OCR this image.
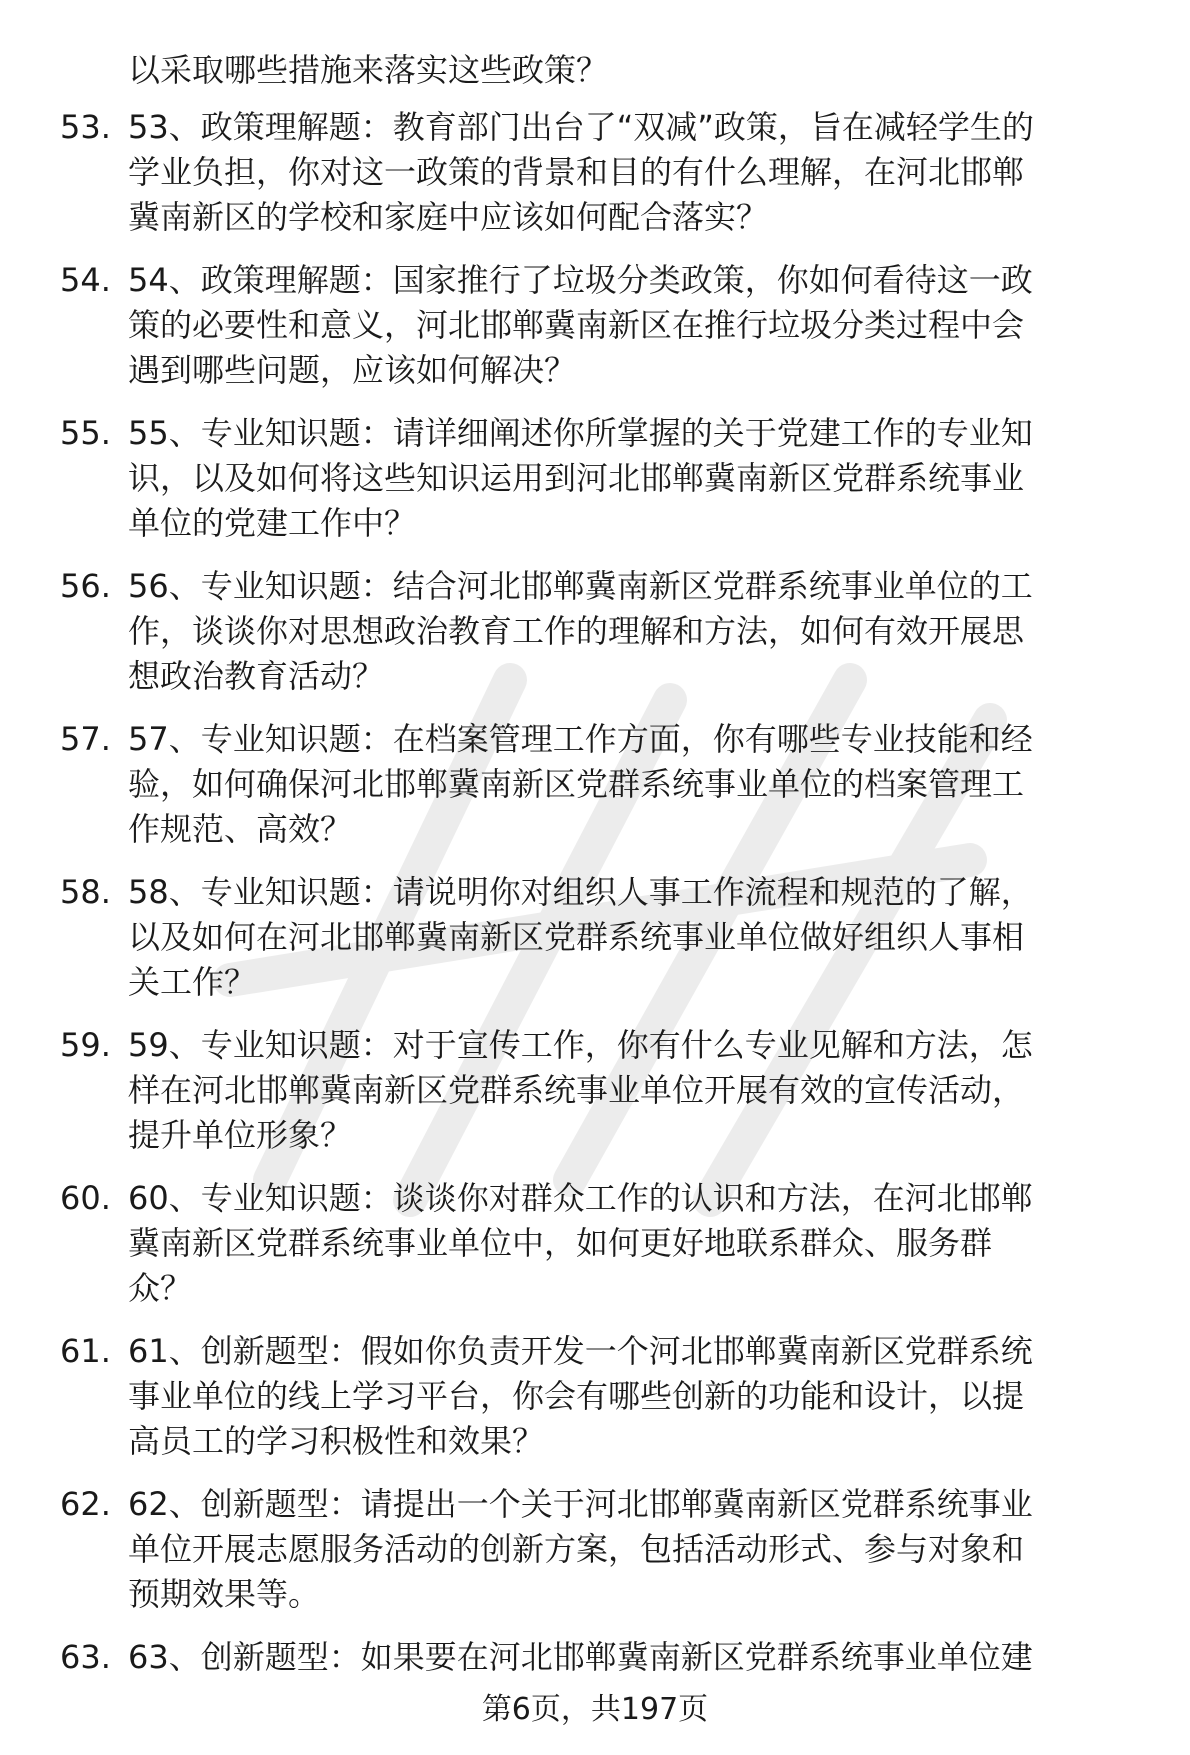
以采取哪些措施来落实这些政策？
53. 53、政策理解题：教育部门出台了“双减”政策，旨在减轻学生的
学业负担，你对这一政策的背景和目的有什么理解，在河北邯郸
冀南新区的学校和家庭中应该如何配合落实？
54. 54、政策理解题：国家推行了垃圾分类政策，你如何看待这一政
策的必要性和意义，河北邯郸冀南新区在推行垃圾分类过程中会
遇到哪些问题，应该如何解决？
55. 55、专业知识题：请详细阐述你所掌握的关于党建工作的专业知
识，以及如何将这些知识运用到河北邯郸冀南新区党群系统事业
单位的党建工作中？
56. 56、专业知识题：结合河北邯郸冀南新区党群系统事业单位的工
作，谈谈你对思想政治教育工作的理解和方法，如何有效开展思
想政治教育活动？
57. 57、专业知识题：在档案管理工作方面，你有哪些专业技能和经
验，如何确保河北邯郸冀南新区党群系统事业单位的档案管理工
作规范、高效？
58. 58、专业知识题：请说明你对组织人事工作流程和规范的了解，
以及如何在河北邯郸冀南新区党群系统事业单位做好组织人事相
关工作？
59. 59、专业知识题：对于宣传工作，你有什么专业见解和方法，怎
样在河北邯郸冀南新区党群系统事业单位开展有效的宣传活动，
提升单位形象？
60. 60、专业知识题：谈谈你对群众工作的认识和方法，在河北邯郸
冀南新区党群系统事业单位中，如何更好地联系群众、服务群
众？
61. 61、创新题型：假如你负责开发一个河北邯郸冀南新区党群系统
事业单位的线上学习平台，你会有哪些创新的功能和设计，以提
高员工的学习积极性和效果？
62. 62、创新题型：请提出一个关于河北邯郸冀南新区党群系统事业
单位开展志愿服务活动的创新方案，包括活动形式、参与对象和
预期效果等。
63. 63、创新题型：如果要在河北邯郸冀南新区党群系统事业单位建
第6页，共197页
